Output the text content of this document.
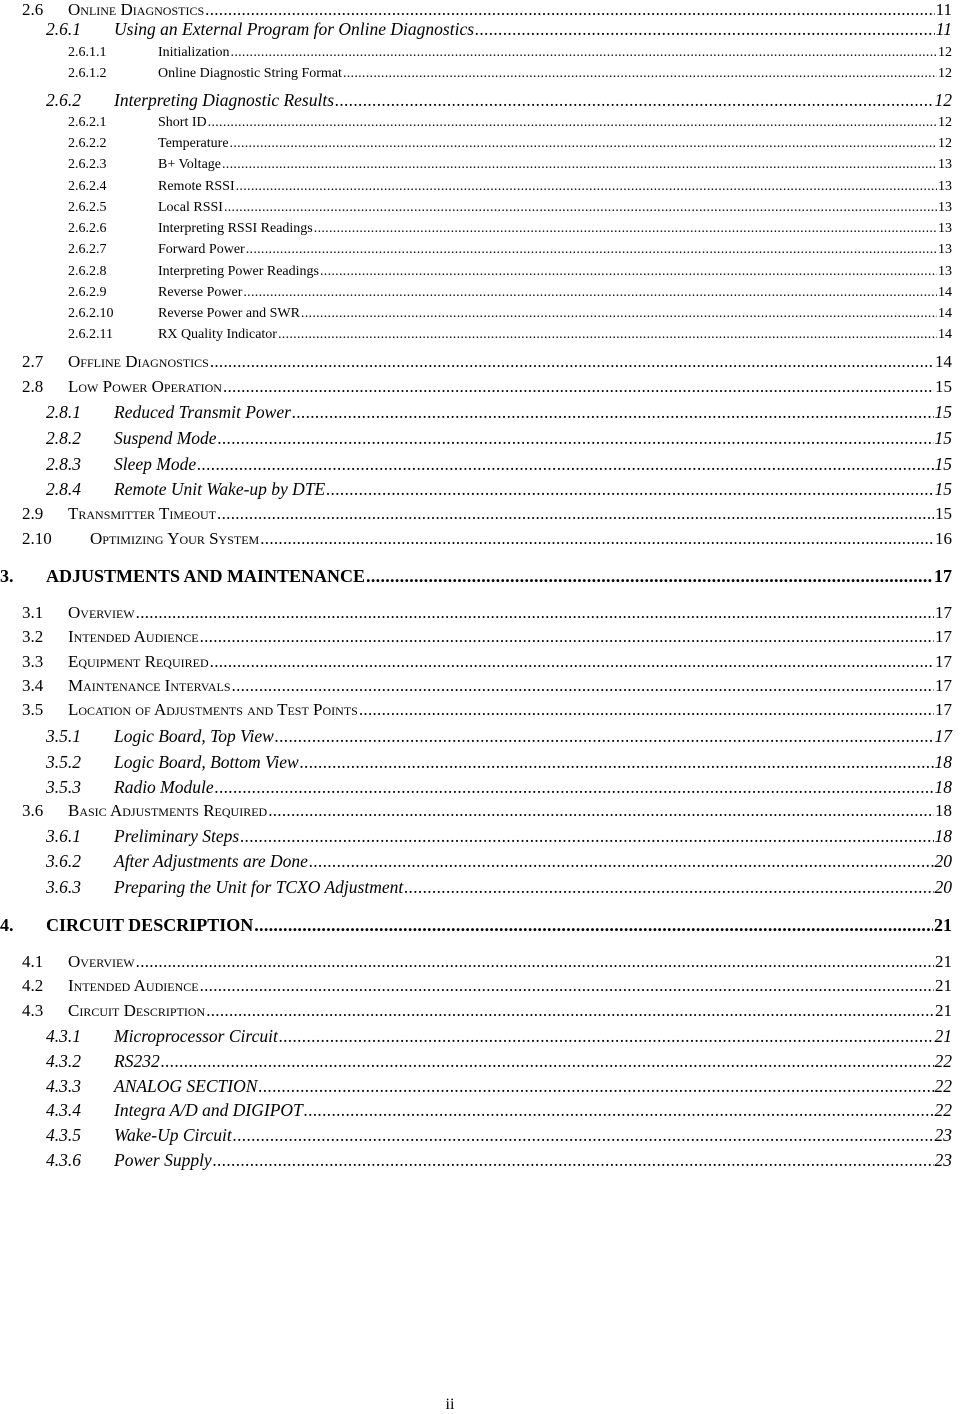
2.6	Online Diagnostics .....	11
2.6.1	Using an External Program for Online Diagnostics .....	11
2.6.1.1	Initialization .....	12
2.6.1.2	Online Diagnostic String Format .....	12
2.6.2	Interpreting Diagnostic Results .....	12
2.6.2.1	Short ID .....	12
2.6.2.2	Temperature .....	12
2.6.2.3	B+ Voltage .....	13
2.6.2.4	Remote RSSI .....	13
2.6.2.5	Local RSSI .....	13
2.6.2.6	Interpreting RSSI Readings .....	13
2.6.2.7	Forward Power .....	13
2.6.2.8	Interpreting Power Readings .....	13
2.6.2.9	Reverse Power .....	14
2.6.2.10	Reverse Power and SWR .....	14
2.6.2.11	RX Quality Indicator .....	14
2.7	Offline Diagnostics .....	14
2.8	Low Power Operation .....	15
2.8.1	Reduced Transmit Power .....	15
2.8.2	Suspend Mode .....	15
2.8.3	Sleep Mode .....	15
2.8.4	Remote Unit Wake-up by DTE .....	15
2.9	Transmitter Timeout .....	15
2.10	Optimizing Your System .....	16
3.	ADJUSTMENTS AND MAINTENANCE .....	17
3.1	Overview .....	17
3.2	Intended Audience .....	17
3.3	Equipment Required .....	17
3.4	Maintenance Intervals .....	17
3.5	Location of Adjustments and Test Points .....	17
3.5.1	Logic Board, Top View .....	17
3.5.2	Logic Board, Bottom View .....	18
3.5.3	Radio Module .....	18
3.6	Basic Adjustments Required .....	18
3.6.1	Preliminary Steps .....	18
3.6.2	After Adjustments are Done .....	20
3.6.3	Preparing the Unit for TCXO Adjustment .....	20
4.	CIRCUIT DESCRIPTION .....	21
4.1	Overview .....	21
4.2	Intended Audience .....	21
4.3	Circuit Description .....	21
4.3.1	Microprocessor Circuit .....	21
4.3.2	RS232 .....	22
4.3.3	ANALOG SECTION .....	22
4.3.4	Integra A/D and DIGIPOT .....	22
4.3.5	Wake-Up Circuit .....	23
4.3.6	Power Supply .....	23
ii
